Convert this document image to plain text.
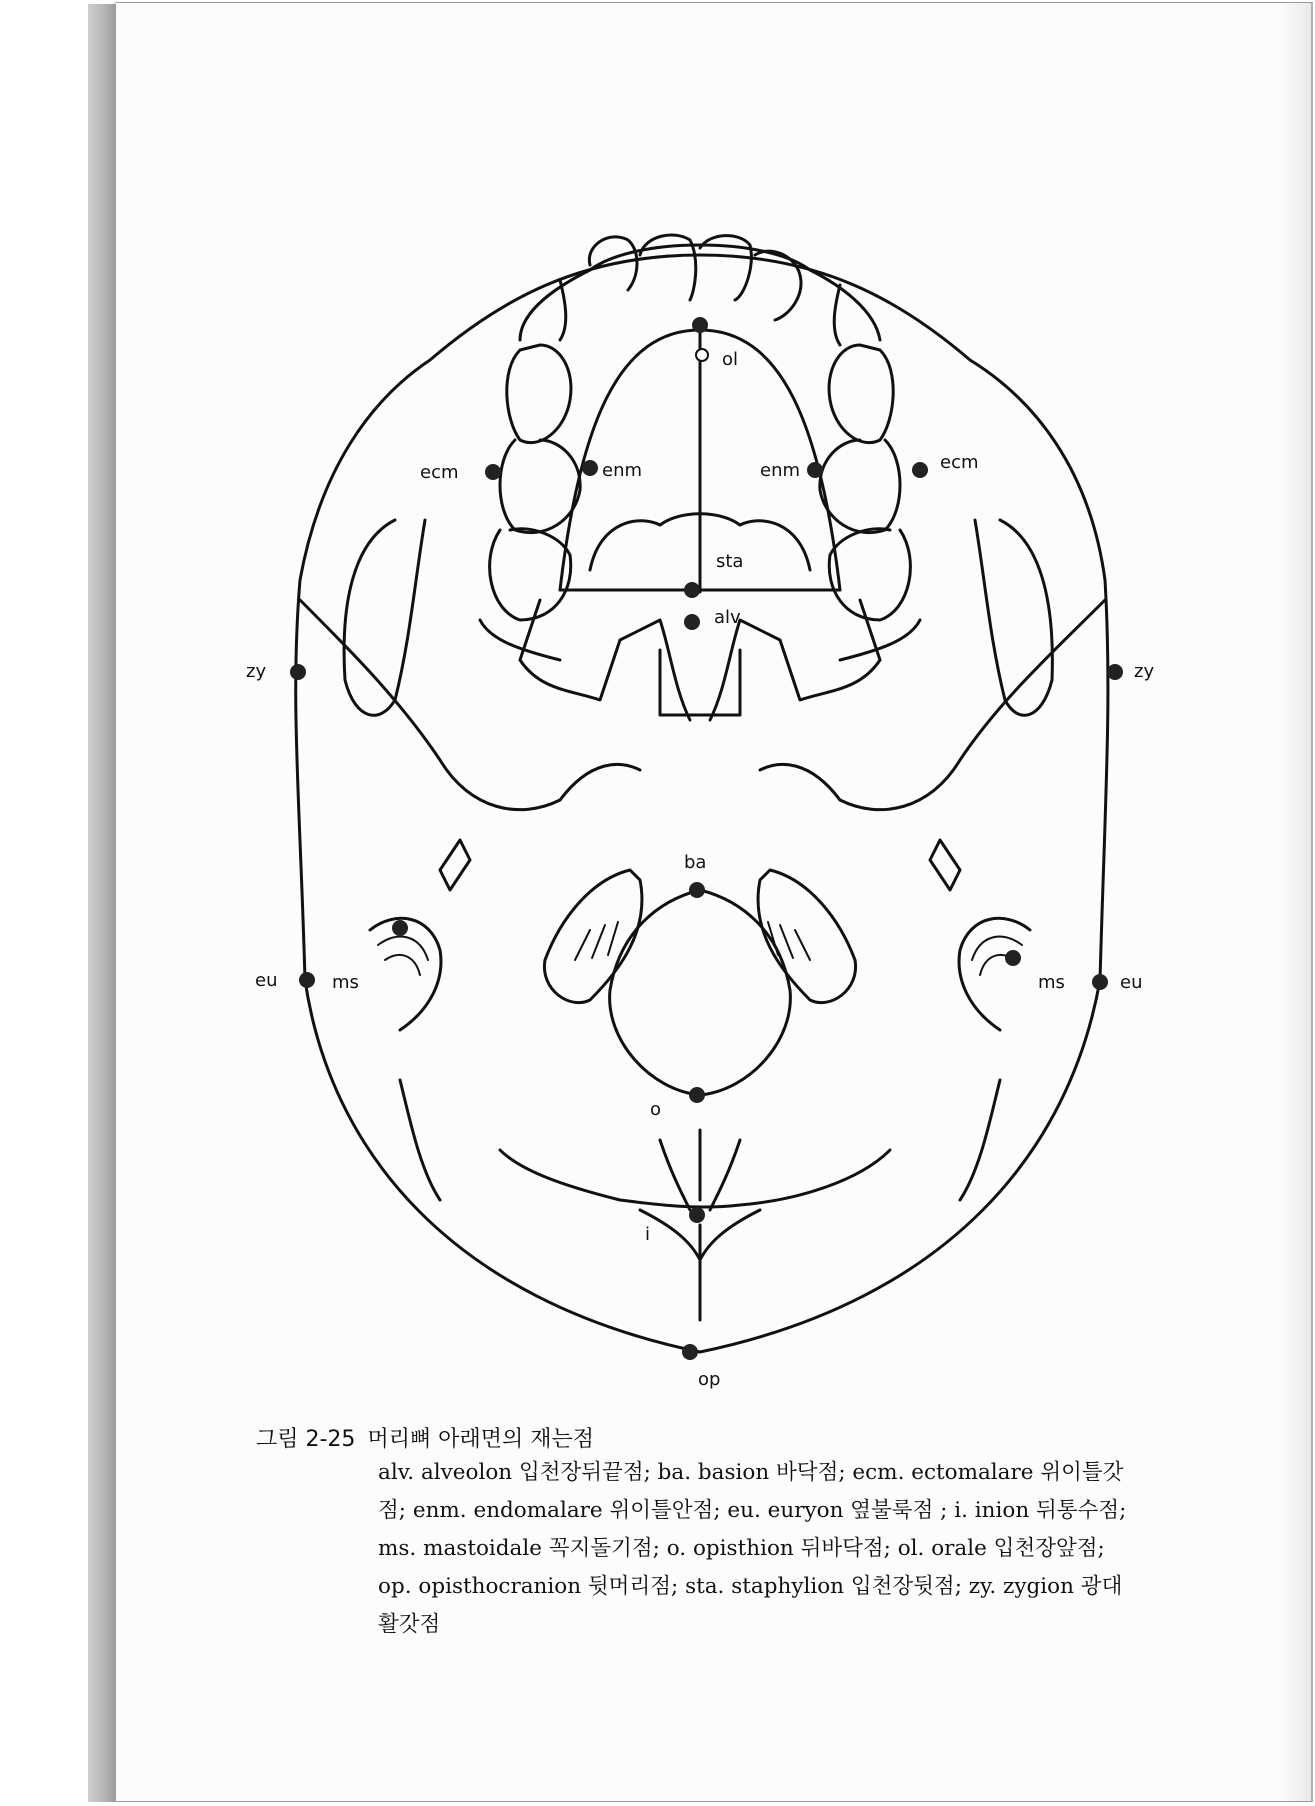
ol
ecm	enm	enm	ecm
sta
alv
zy	zy
ba
eu	ms	ms	eu
o
i
op
그림 2-25 머리뼈 아래면의 재는점
alv. alveolon 입천장뒤끝점; ba. basion 바닥점; ecm. ectomalare 위이틀갓
점; enm. endomalare 위이틀안점; eu. euryon 옆불룩점 ; i. inion 뒤통수점;
ms. mastoidale 꼭지돌기점; o. opisthion 뒤바닥점; ol. orale 입천장앞점;
op. opisthocranion 뒷머리점; sta. staphylion 입천장뒷점; zy. zygion 광대
활갓점
